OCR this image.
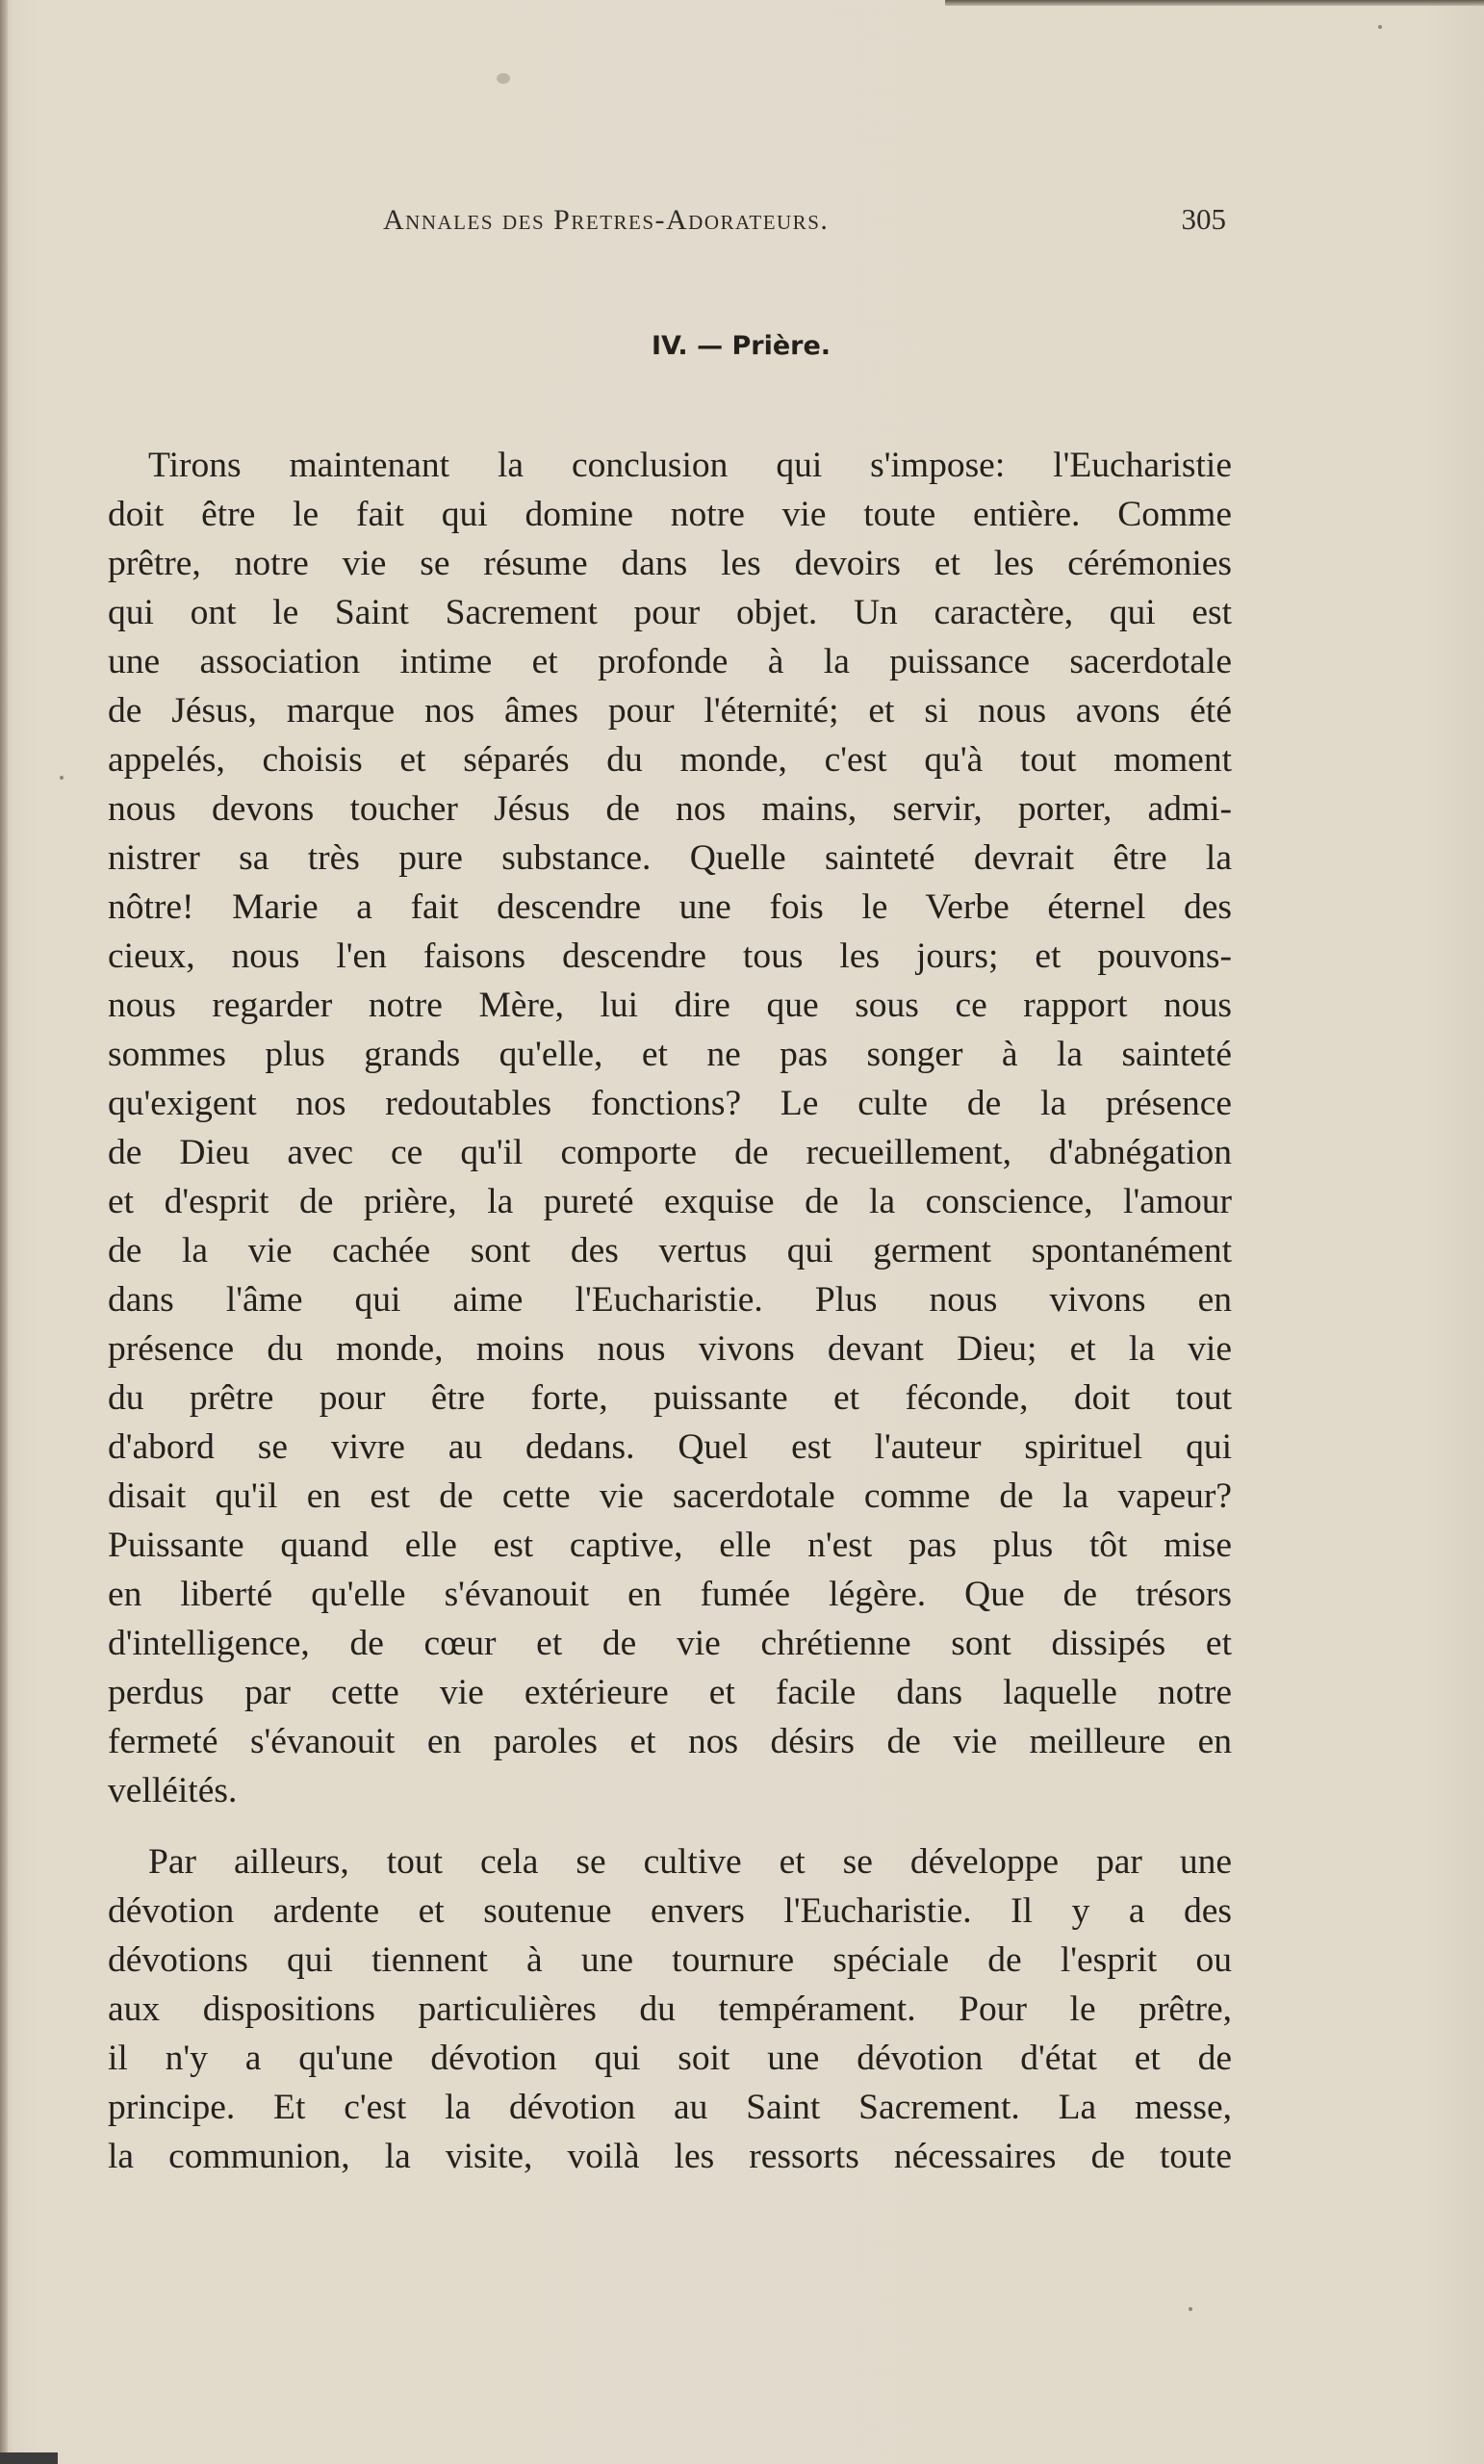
Annales des Pretres-Adorateurs.	305
IV. — Prière.

Tirons maintenant la conclusion qui s'impose: l'Eucharistie
doit être le fait qui domine notre vie toute entière. Comme
prêtre, notre vie se résume dans les devoirs et les cérémonies
qui ont le Saint Sacrement pour objet. Un caractère, qui est
une association intime et profonde à la puissance sacerdotale
de Jésus, marque nos âmes pour l'éternité; et si nous avons été
appelés, choisis et séparés du monde, c'est qu'à tout moment
nous devons toucher Jésus de nos mains, servir, porter, admi-
nistrer sa très pure substance. Quelle sainteté devrait être la
nôtre! Marie a fait descendre une fois le Verbe éternel des
cieux, nous l'en faisons descendre tous les jours; et pouvons-
nous regarder notre Mère, lui dire que sous ce rapport nous
sommes plus grands qu'elle, et ne pas songer à la sainteté
qu'exigent nos redoutables fonctions? Le culte de la présence
de Dieu avec ce qu'il comporte de recueillement, d'abnégation
et d'esprit de prière, la pureté exquise de la conscience, l'amour
de la vie cachée sont des vertus qui germent spontanément
dans l'âme qui aime l'Eucharistie. Plus nous vivons en
présence du monde, moins nous vivons devant Dieu; et la vie
du prêtre pour être forte, puissante et féconde, doit tout
d'abord se vivre au dedans. Quel est l'auteur spirituel qui
disait qu'il en est de cette vie sacerdotale comme de la vapeur?
Puissante quand elle est captive, elle n'est pas plus tôt mise
en liberté qu'elle s'évanouit en fumée légère. Que de trésors
d'intelligence, de cœur et de vie chrétienne sont dissipés et
perdus par cette vie extérieure et facile dans laquelle notre
fermeté s'évanouit en paroles et nos désirs de vie meilleure en
velléités.

Par ailleurs, tout cela se cultive et se développe par une
dévotion ardente et soutenue envers l'Eucharistie. Il y a des
dévotions qui tiennent à une tournure spéciale de l'esprit ou
aux dispositions particulières du tempérament. Pour le prêtre,
il n'y a qu'une dévotion qui soit une dévotion d'état et de
principe. Et c'est la dévotion au Saint Sacrement. La messe,
la communion, la visite, voilà les ressorts nécessaires de toute
